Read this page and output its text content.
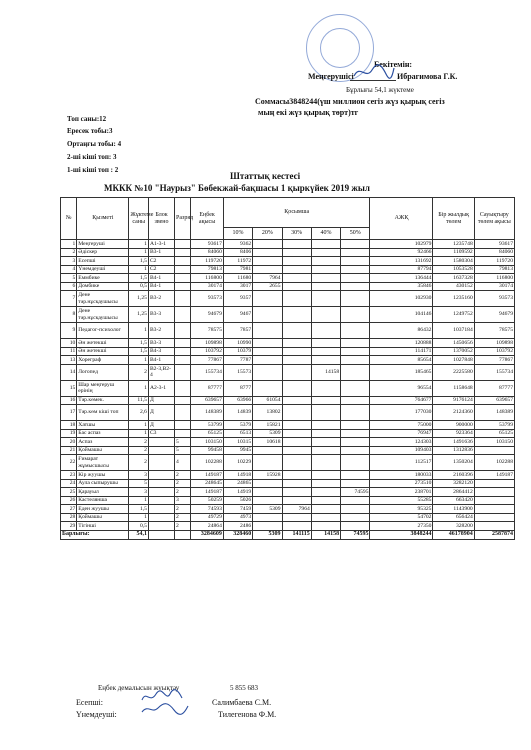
Бекітемін:
Меңгерушісі	Ибрагимова Г.К.
Бұрлығы 54,1 жүктеме
Соммасы3848244(үш миллион сегіз жүз қырық сегіз
мың екі жүз қырық төрт)тг
Топ саны:12
Ересек тобы:3
Ортаңғы тобы: 4
2-ші кіші топ: 3
1-ші кіші топ : 2
Штаттық кестесі
МККК №10 "Наурыз" Бөбекжай-бақшасы 1 қыркүйек 2019 жыл
№	Қызметі	Жұктеме саны	Блок звено	Разряд	Еңбек ақысы	Қосымша					АЖҚ	Бір жылдық төлем	Сауықтыру төлем ақысы
						10%	20%	30%	40%	50%			
1	Меңгеруші	1	A1-3-1		93617	9362					102979	1235748	93617
2	Әдіскер	1	B3-1		84060	8406					92466	1109592	84060
3	Есепші	1,5	C2		119720	11972					131692	1580304	119720
4	Үнемдеуші	1	C2		79813	7981					87794	1053528	79813
5	Еммбике	1,5	B4-1		116800	11680	7964				136444	1637328	116800
6	Домбике	0,5	B4-1		30174	3017	2655				35846	430152	30174
7	Дене тәр.нұсқаушысы	1,25	B3-2		93573	9357					102930	1235160	93573
8	Дене тәр.нұсқаушысы	1,25	B3-3		94679	9467					104146	1249752	94679
9	Педагог-психолог	1	B3-2		78575	7857					86432	1037184	78575
10	Ән жетекші	1,5	B3-3		109898	10990					120888	1450656	109898
11	Ән жетекші	1,5	B4-3		103792	10379					114171	1370052	103792
13	Хореграф	1	B4-1		77867	7787					85654	1027848	77867
14	Логопед	2	B2-3,B2-4		155734	15573			14158		185465	2225580	155734
15	Шар меңгеруш ерінің	1	A2-3-1		87777	8777					96554	1158648	87777
16	Тәр.көмек.	11,5	Д		639657	63966	61054				764677	9176124	639657
17	Тәр.көм кіші топ	2,6	Д		148389	14839	13802				177030	2124360	148389
18	Хатшы	1	Д		53799	5379	15821				75000	900000	53799
19	Бас аспаз	1	C3		65125	6513	5309				76947	923364	65125
20	Аспаз	2		5	103150	10315	10618				124303	1491636	103150
21	Қоймашы	2		5	99458	9945					109403	1312836	
22	Ғимарат жұмысшысы	2		4	102288	10229					112517	1350204	102288
23	Кір жуушы	3		2	149187	14918	15928				180033	2160396	149187
24	Аула сыпырушы	5		2	248645	24865					273510	3282120	
25	Қарауыл	3		2	149187	14919				74595	238701	2864412	
26	Кастелянша	1		3	50259	5026					55285	663420	
27	Еден жуушы	1,5		2	74593	7459	5309	7964			95325	1143900	
28	Қоймашы	1		2	49729	4973					54702	656424	
29	Тігінші	0,5		2	24864	2486					27350	328200	
Барлығы:		54,1			3284609	328460	5309	141115	14158	74595	3848244	46178904	2587874
Еңбек демалысын жуықтау	5 855 683
Есепші:	Салимбаева С.М.
Үнемдеуші:	Тилегенова Ф.М.
